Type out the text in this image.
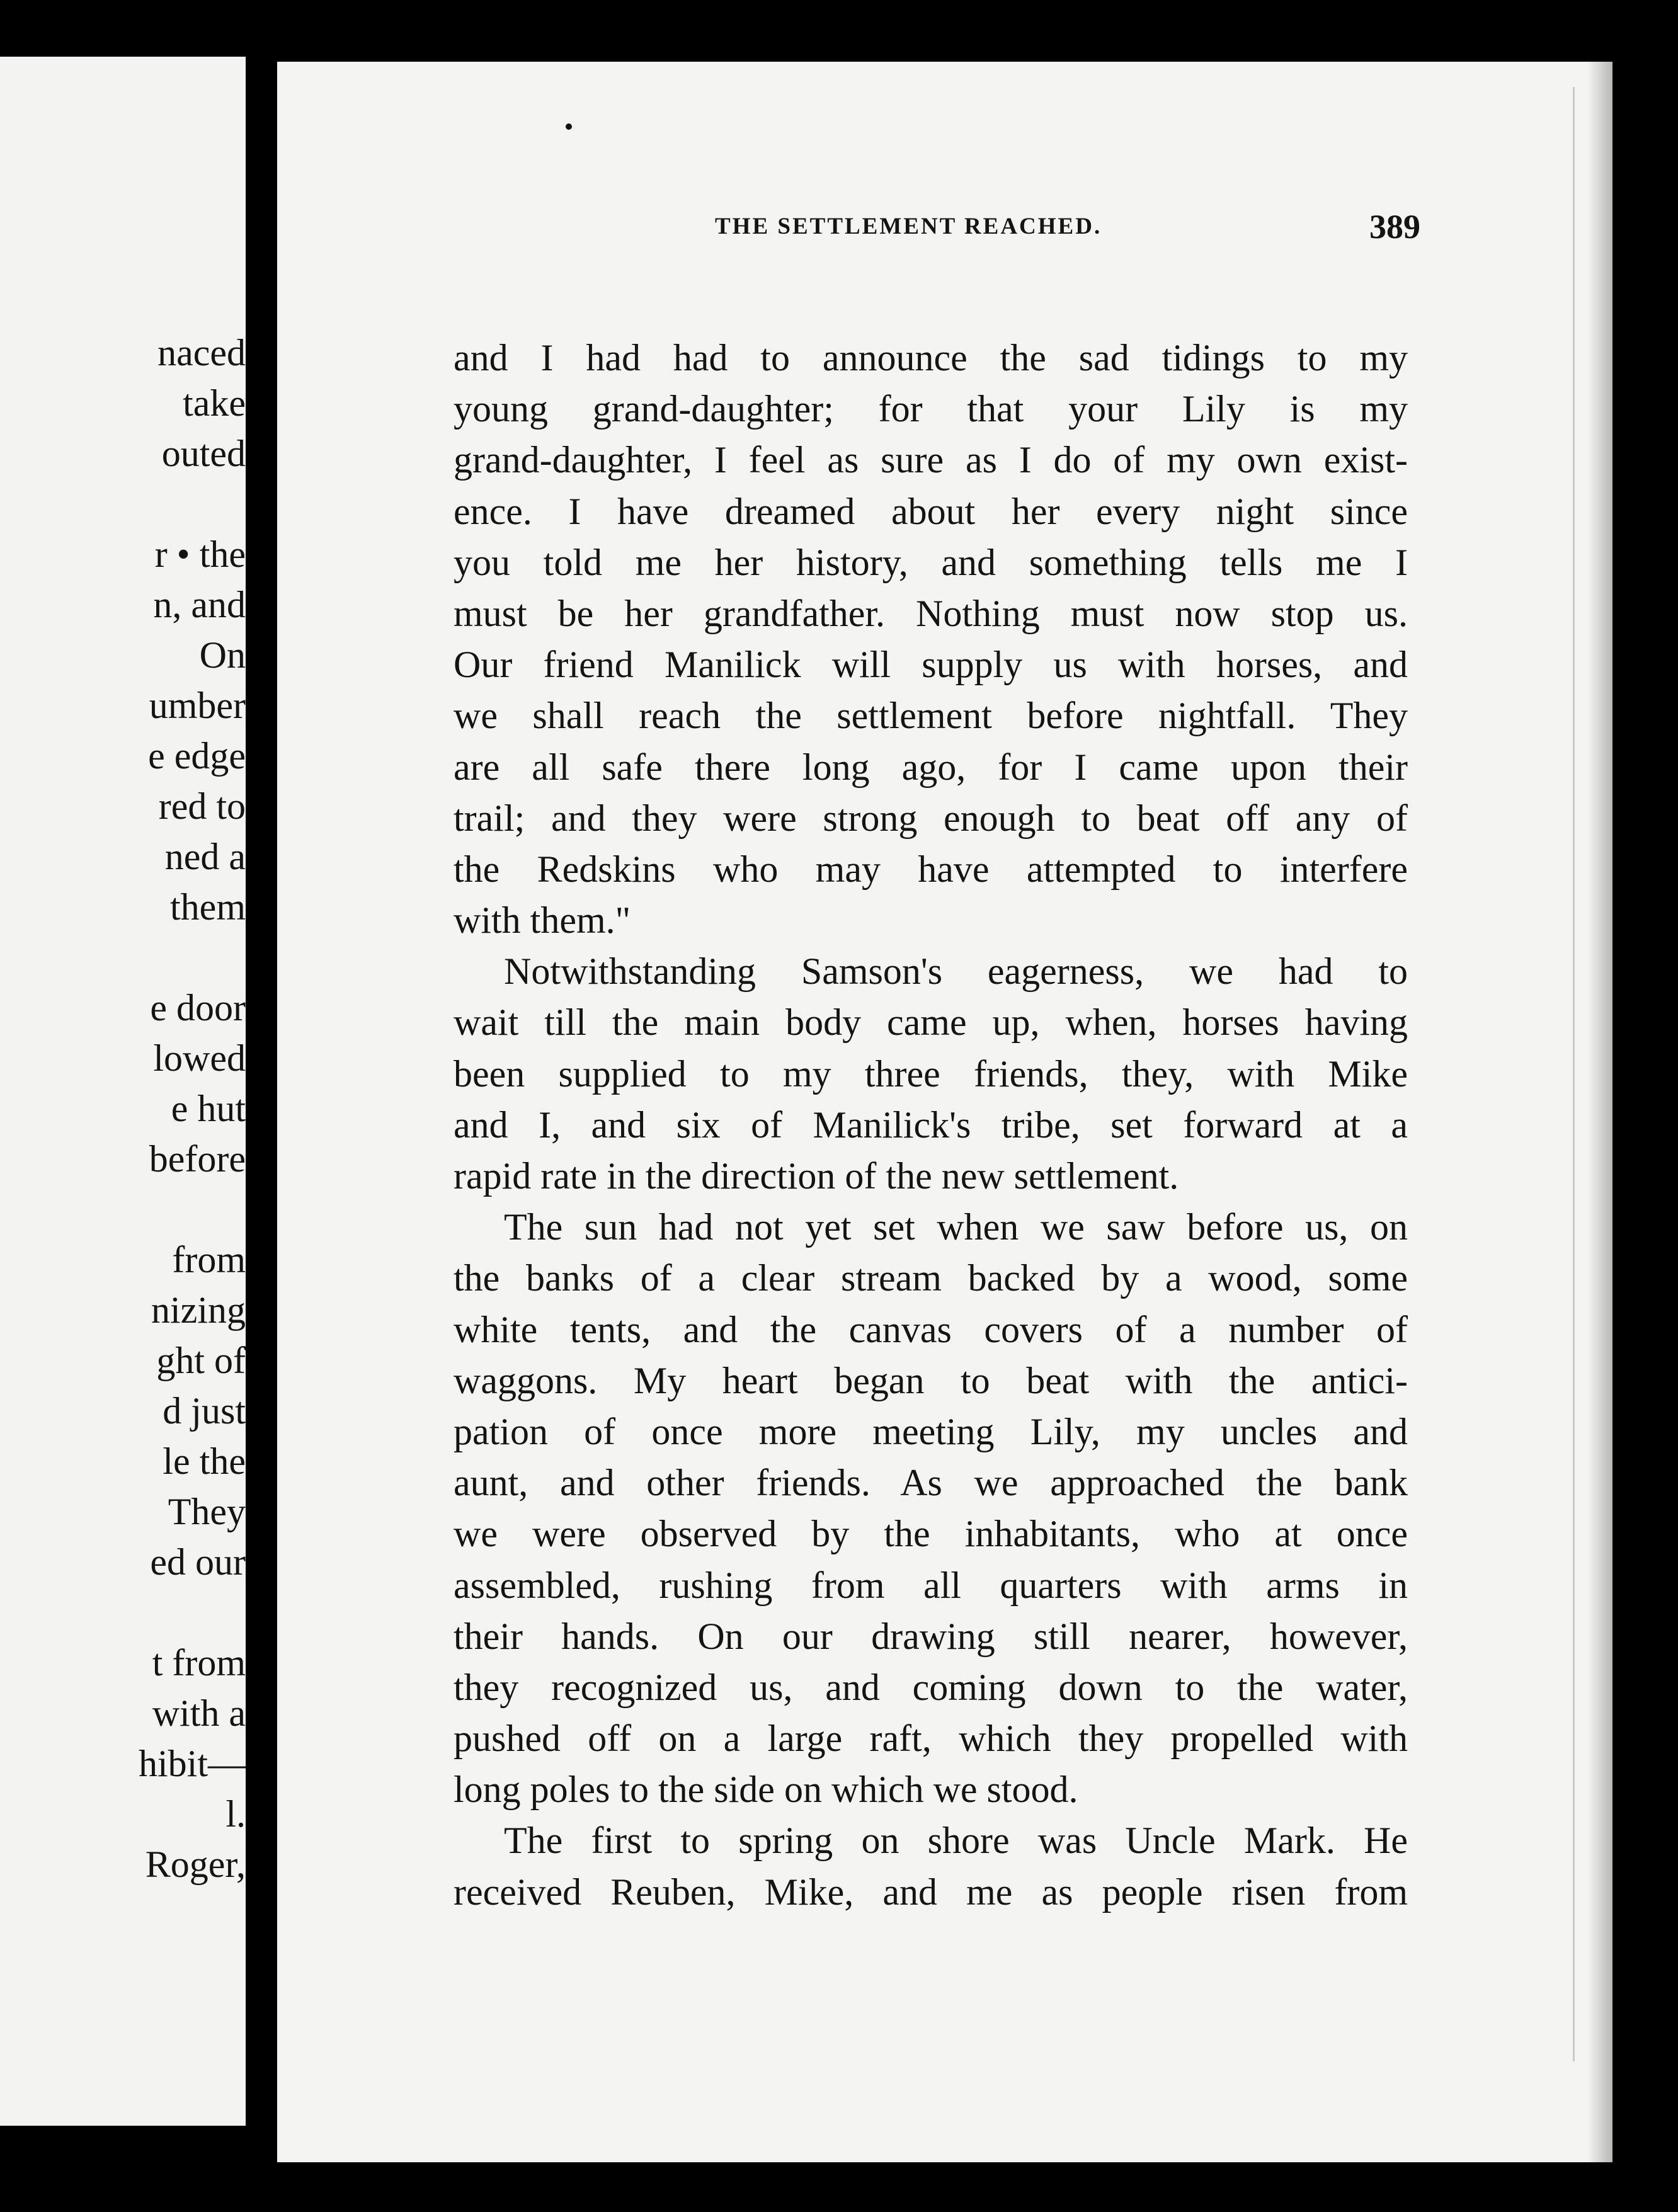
naced
take
outed
r • the
n, and
On
umber
e edge
red to
ned a
them
e door
lowed
e hut
before
from
nizing
ght of
d just
le the
They
ed our
t from
with a
hibit—
l.
Roger,
THE SETTLEMENT REACHED.	389
and I had had to announce the sad tidings to my
young grand-daughter; for that your Lily is my
grand-daughter, I feel as sure as I do of my own exist-
ence. I have dreamed about her every night since
you told me her history, and something tells me I
must be her grandfather. Nothing must now stop us.
Our friend Manilick will supply us with horses, and
we shall reach the settlement before nightfall. They
are all safe there long ago, for I came upon their
trail; and they were strong enough to beat off any of
the Redskins who may have attempted to interfere
with them."
Notwithstanding Samson's eagerness, we had to
wait till the main body came up, when, horses having
been supplied to my three friends, they, with Mike
and I, and six of Manilick's tribe, set forward at a
rapid rate in the direction of the new settlement.
The sun had not yet set when we saw before us, on
the banks of a clear stream backed by a wood, some
white tents, and the canvas covers of a number of
waggons. My heart began to beat with the antici-
pation of once more meeting Lily, my uncles and
aunt, and other friends. As we approached the bank
we were observed by the inhabitants, who at once
assembled, rushing from all quarters with arms in
their hands. On our drawing still nearer, however,
they recognized us, and coming down to the water,
pushed off on a large raft, which they propelled with
long poles to the side on which we stood.
The first to spring on shore was Uncle Mark. He
received Reuben, Mike, and me as people risen from
